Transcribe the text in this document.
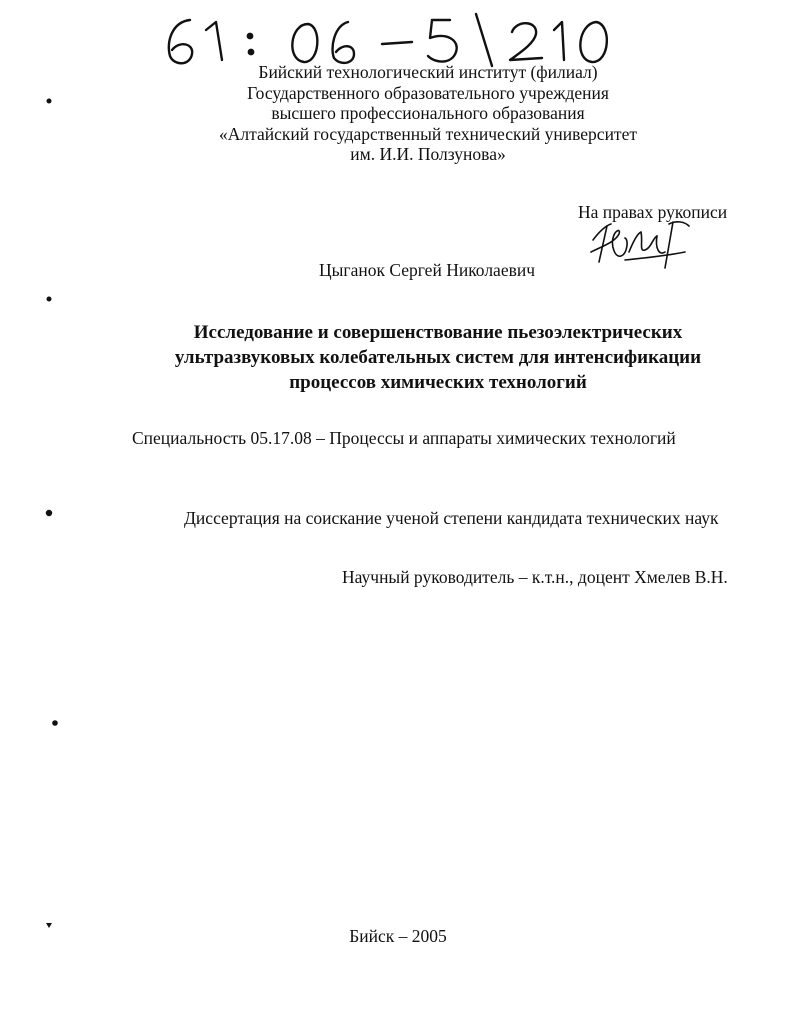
Бийский технологический институт (филиал)
Государственного образовательного учреждения
высшего профессионального образования
«Алтайский государственный технический университет
им. И.И. Ползунова»
На правах рукописи
Цыганок Сергей Николаевич
Исследование и совершенствование пьезоэлектрических
ультразвуковых колебательных систем для интенсификации
процессов химических технологий
Специальность 05.17.08 – Процессы и аппараты химических технологий
Диссертация на соискание ученой степени кандидата технических наук
Научный руководитель – к.т.н., доцент Хмелев В.Н.
Бийск – 2005
